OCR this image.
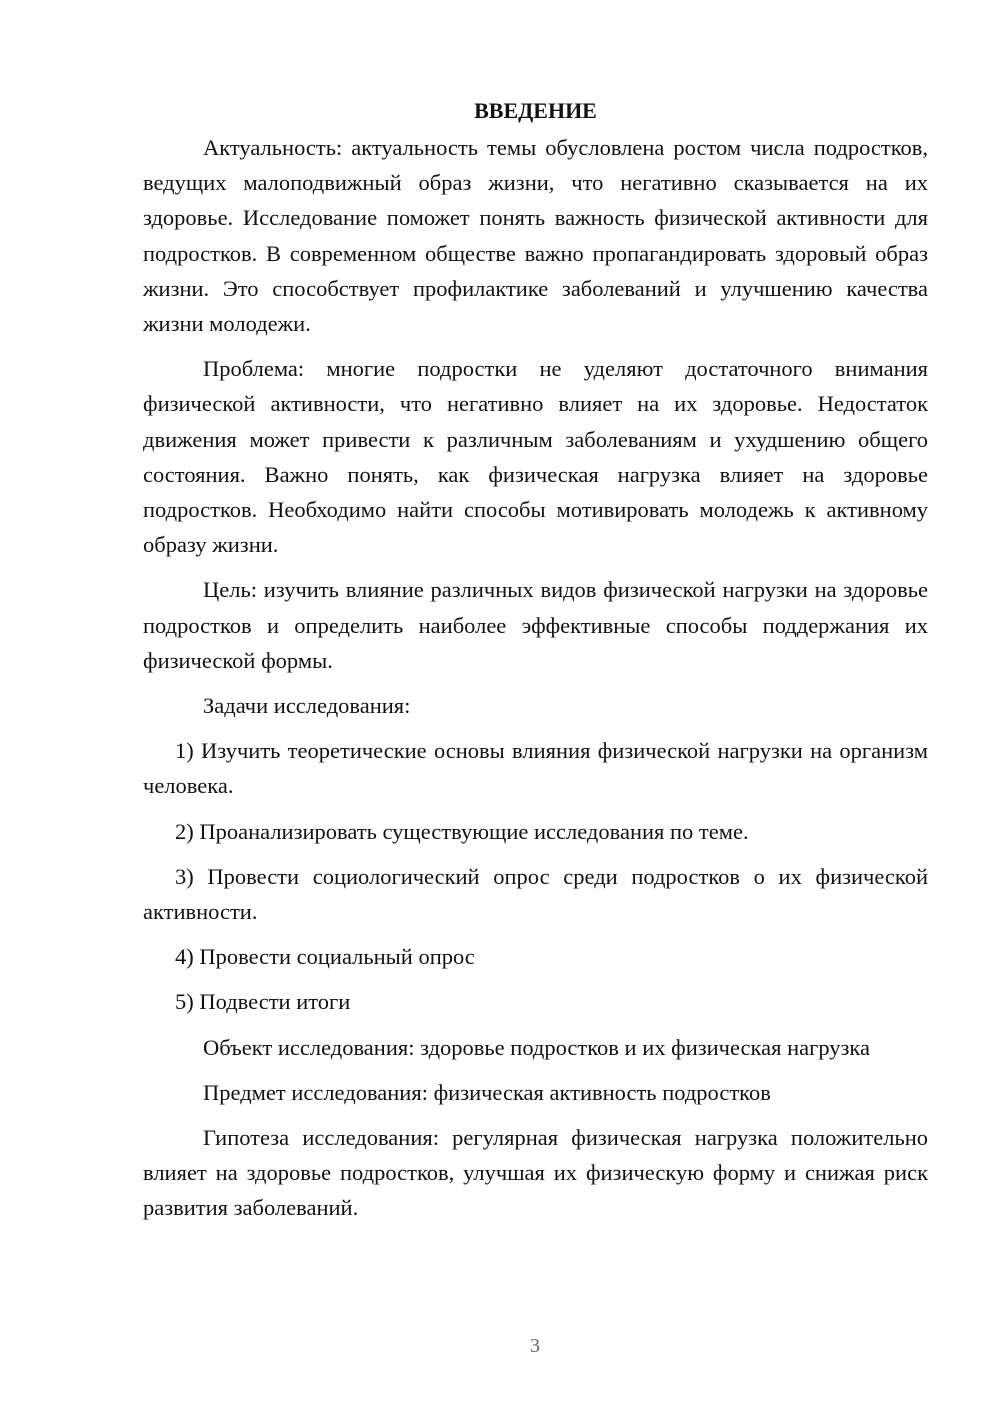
ВВЕДЕНИЕ

Актуальность: актуальность темы обусловлена ростом числа подростков, ведущих малоподвижный образ жизни, что негативно сказывается на их здоровье. Исследование поможет понять важность физической активности для подростков. В современном обществе важно пропагандировать здоровый образ жизни. Это способствует профилактике заболеваний и улучшению качества жизни молодежи.

Проблема: многие подростки не уделяют достаточного внимания физической активности, что негативно влияет на их здоровье. Недостаток движения может привести к различным заболеваниям и ухудшению общего состояния. Важно понять, как физическая нагрузка влияет на здоровье подростков. Необходимо найти способы мотивировать молодежь к активному образу жизни.

Цель: изучить влияние различных видов физической нагрузки на здоровье подростков и определить наиболее эффективные способы поддержания их физической формы.

Задачи исследования:

1) Изучить теоретические основы влияния физической нагрузки на организм человека.

2) Проанализировать существующие исследования по теме.

3) Провести социологический опрос среди подростков о их физической активности.

4) Провести социальный опрос

5) Подвести итоги

Объект исследования: здоровье подростков и их физическая нагрузка

Предмет исследования: физическая активность подростков

Гипотеза исследования: регулярная физическая нагрузка положительно влияет на здоровье подростков, улучшая их физическую форму и снижая риск развития заболеваний.

3
